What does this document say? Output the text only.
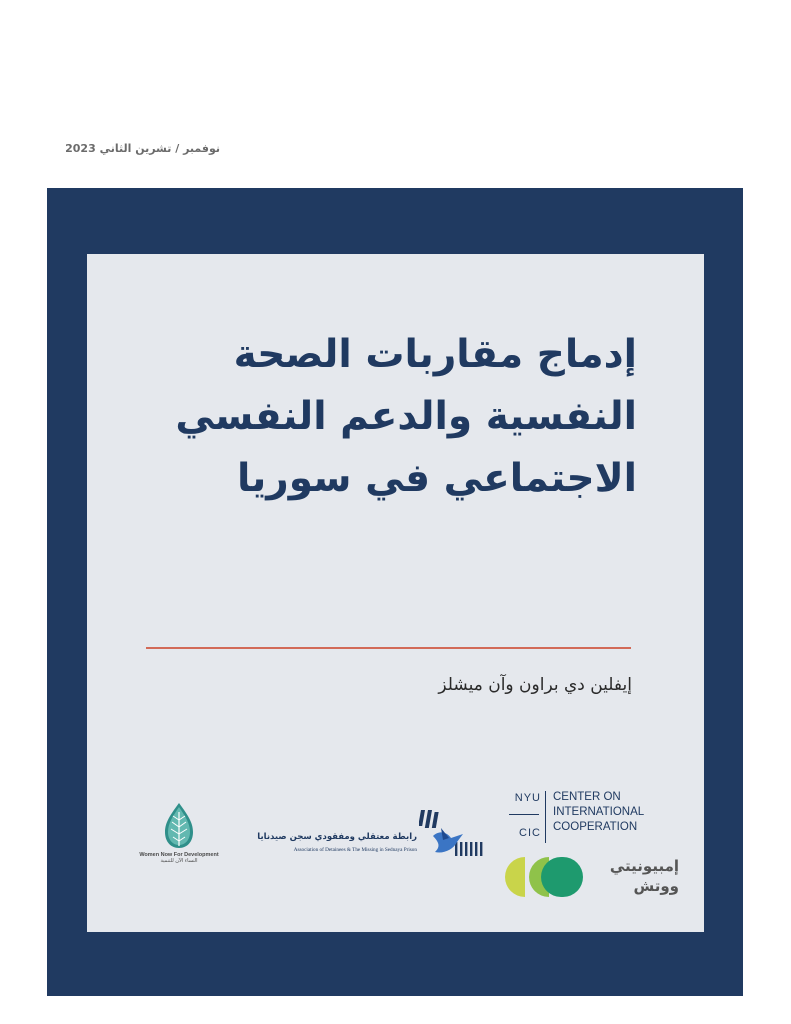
نوفمبر / تشرين الثاني 2023
إدماج مقاربات الصحة
النفسية والدعم النفسي
الاجتماعي في سوريا
إيفلين دي براون وآن ميشلز
Women Now For Development
النساء الآن للتنمية
رابطة معتقلي ومفقودي سجن صيدنايا
Association of Detainees & The Missing in Sednaya Prison
NYU
CIC
CENTER ON
INTERNATIONAL
COOPERATION
إمبيونيتي
ووتش
